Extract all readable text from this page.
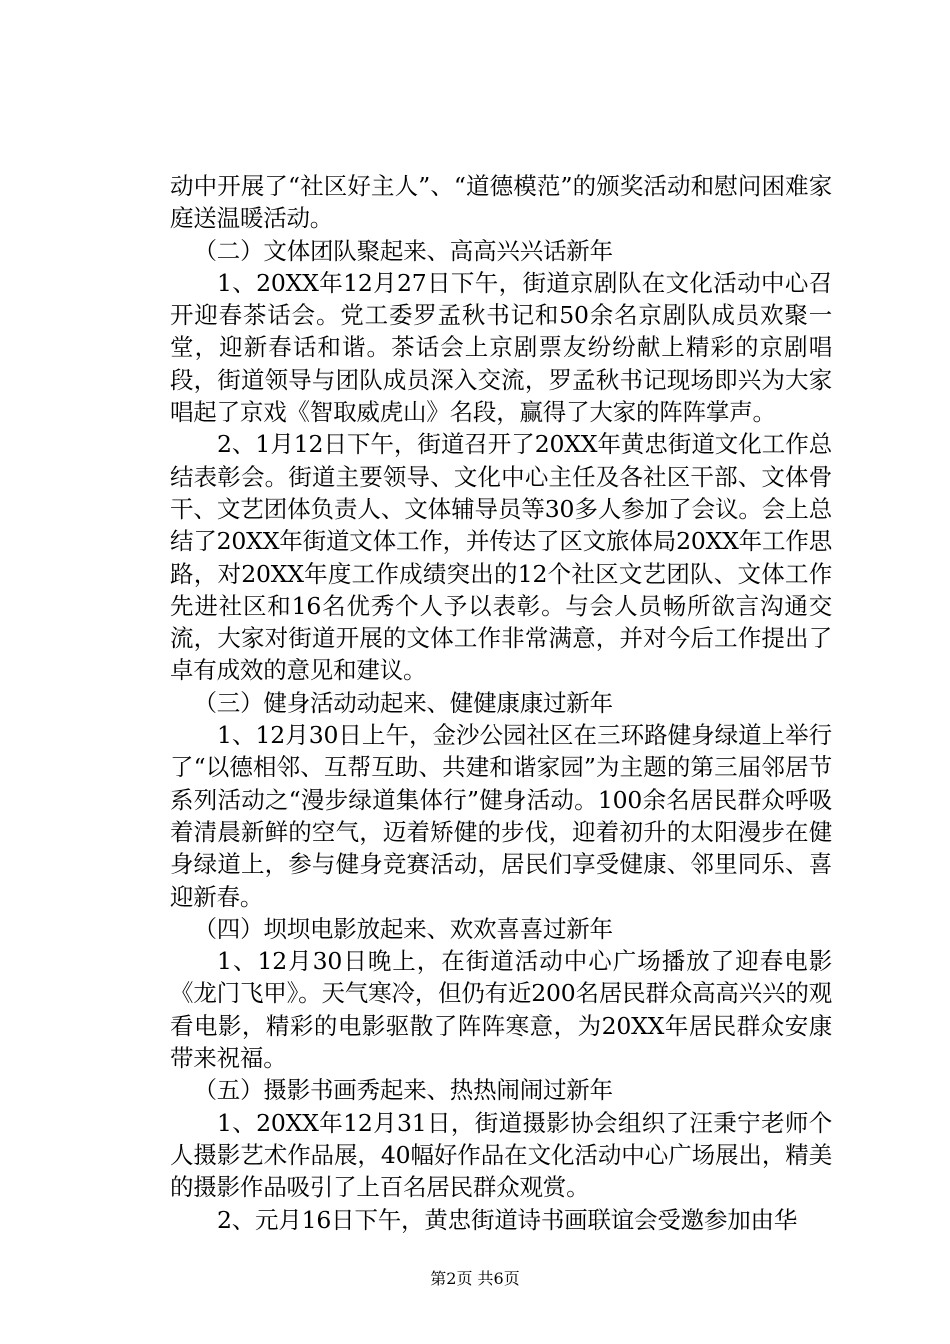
动中开展了“社区好主人”、“道德模范”的颁奖活动和慰问困难家庭送温暖活动。

（二）文体团队聚起来、高高兴兴话新年

1、20XX年12月27日下午，街道京剧队在文化活动中心召开迎春茶话会。党工委罗孟秋书记和50余名京剧队成员欢聚一堂，迎新春话和谐。茶话会上京剧票友纷纷献上精彩的京剧唱段，街道领导与团队成员深入交流，罗孟秋书记现场即兴为大家唱起了京戏《智取威虎山》名段，赢得了大家的阵阵掌声。

2、1月12日下午，街道召开了20XX年黄忠街道文化工作总结表彰会。街道主要领导、文化中心主任及各社区干部、文体骨干、文艺团体负责人、文体辅导员等30多人参加了会议。会上总结了20XX年街道文体工作，并传达了区文旅体局20XX年工作思路，对20XX年度工作成绩突出的12个社区文艺团队、文体工作先进社区和16名优秀个人予以表彰。与会人员畅所欲言沟通交流，大家对街道开展的文体工作非常满意，并对今后工作提出了卓有成效的意见和建议。

（三）健身活动动起来、健健康康过新年

1、12月30日上午，金沙公园社区在三环路健身绿道上举行了“以德相邻、互帮互助、共建和谐家园”为主题的第三届邻居节系列活动之“漫步绿道集体行”健身活动。100余名居民群众呼吸着清晨新鲜的空气，迈着矫健的步伐，迎着初升的太阳漫步在健身绿道上，参与健身竞赛活动，居民们享受健康、邻里同乐、喜迎新春。

（四）坝坝电影放起来、欢欢喜喜过新年

1、12月30日晚上，在街道活动中心广场播放了迎春电影《龙门飞甲》。天气寒冷，但仍有近200名居民群众高高兴兴的观看电影，精彩的电影驱散了阵阵寒意，为20XX年居民群众安康带来祝福。

（五）摄影书画秀起来、热热闹闹过新年

1、20XX年12月31日，街道摄影协会组织了汪秉宁老师个人摄影艺术作品展，40幅好作品在文化活动中心广场展出，精美的摄影作品吸引了上百名居民群众观赏。

2、元月16日下午，黄忠街道诗书画联谊会受邀参加由华

第2页 共6页
